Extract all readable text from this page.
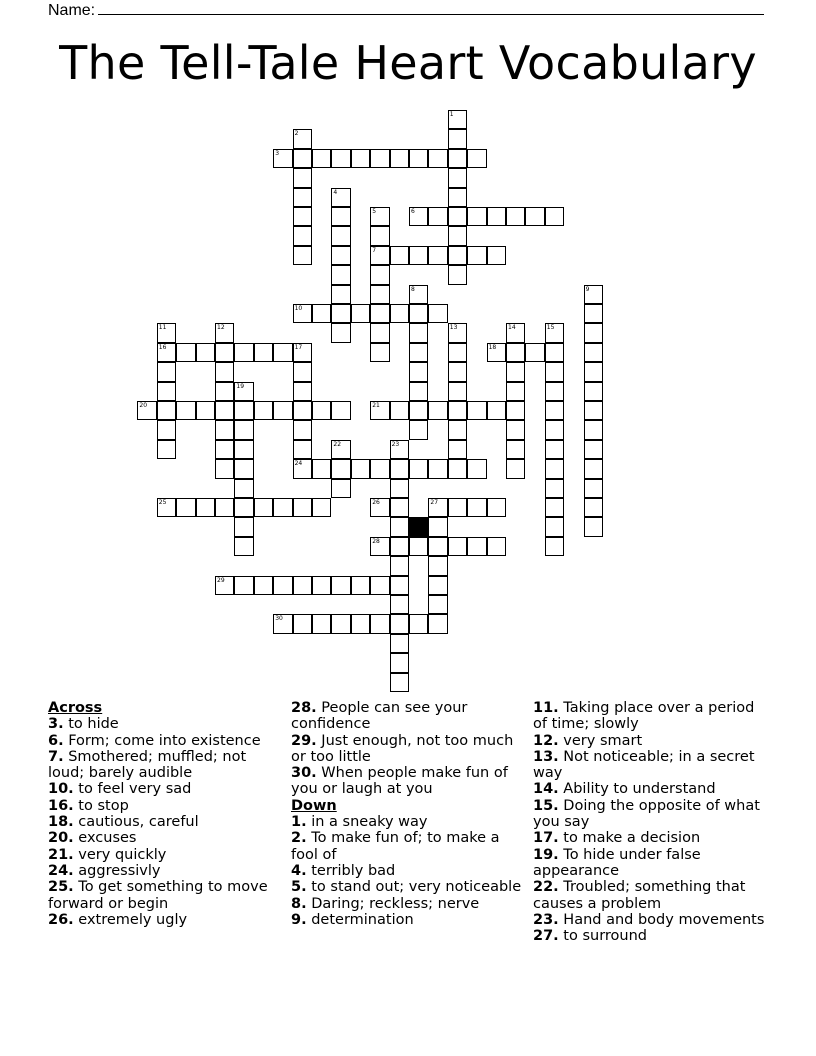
Name:
The Tell-Tale Heart Vocabulary
1
2
3
4
5
7
6
8	9
10
11
16
12	13	14	15
17
24
18
19
20	21
22	23
25	26	27
28
29
30
Across
3. to hide
6. Form; come into existence
7. Smothered; muffled; not loud; barely audible
10. to feel very sad
16. to stop
18. cautious, careful
20. excuses
21. very quickly
24. aggressivly
25. To get something to move forward or begin
26. extremely ugly
28. People can see your confidence
29. Just enough, not too much or too little
30. When people make fun of you or laugh at you
Down
1. in a sneaky way
2. To make fun of; to make a fool of
4. terribly bad
5. to stand out; very noticeable
8. Daring; reckless; nerve
9. determination
11. Taking place over a period of time; slowly
12. very smart
13. Not noticeable; in a secret way
14. Ability to understand
15. Doing the opposite of what you say
17. to make a decision
19. To hide under false appearance
22. Troubled; something that causes a problem
23. Hand and body movements
27. to surround
